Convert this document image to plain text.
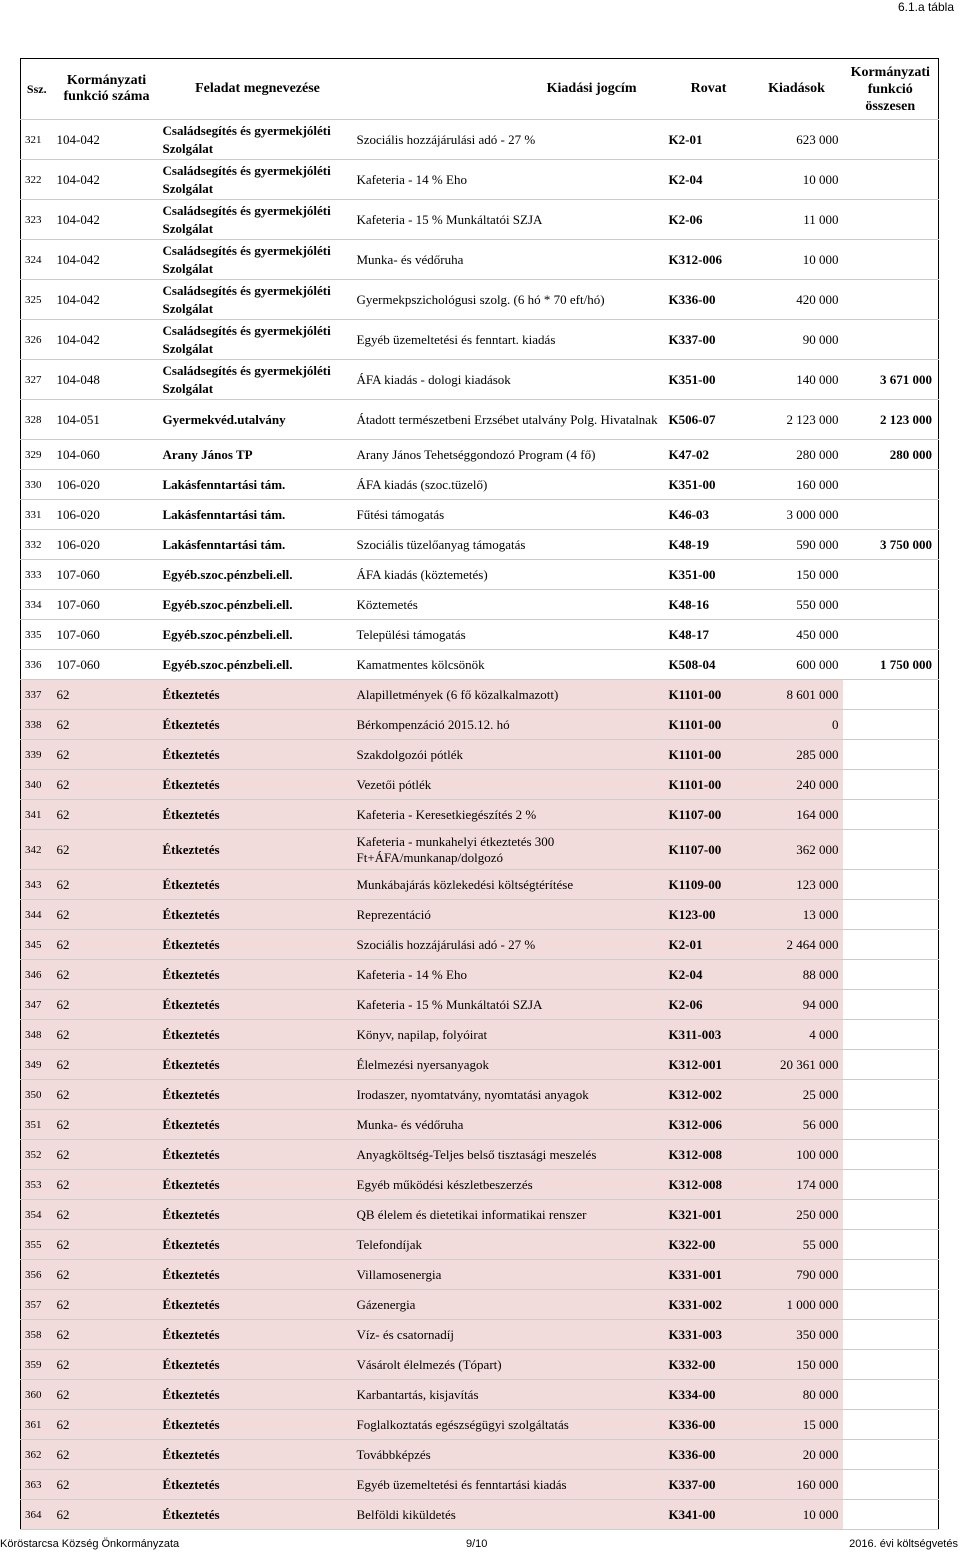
6.1.a tábla
Ssz.	Kormányzati funkció száma	Feladat megnevezése	Kiadási jogcím	Rovat	Kiadások	Kormányzati funkció összesen
321	104-042	Családsegítés és gyermekjóléti Szolgálat	Szociális hozzájárulási adó - 27 %	K2-01	623 000	
322	104-042	Családsegítés és gyermekjóléti Szolgálat	Kafeteria - 14 % Eho	K2-04	10 000	
323	104-042	Családsegítés és gyermekjóléti Szolgálat	Kafeteria - 15 % Munkáltatói SZJA	K2-06	11 000	
324	104-042	Családsegítés és gyermekjóléti Szolgálat	Munka- és védőruha	K312-006	10 000	
325	104-042	Családsegítés és gyermekjóléti Szolgálat	Gyermekpszichológusi szolg. (6 hó * 70 eft/hó)	K336-00	420 000	
326	104-042	Családsegítés és gyermekjóléti Szolgálat	Egyéb üzemeltetési és fenntart. kiadás	K337-00	90 000	
327	104-048	Családsegítés és gyermekjóléti Szolgálat	ÁFA kiadás - dologi kiadások	K351-00	140 000	3 671 000
328	104-051	Gyermekvéd.utalvány	Átadott természetbeni Erzsébet utalvány Polg. Hivatalnak	K506-07	2 123 000	2 123 000
329	104-060	Arany János TP	Arany János Tehetséggondozó Program (4 fő)	K47-02	280 000	280 000
330	106-020	Lakásfenntartási tám.	ÁFA kiadás (szoc.tüzelő)	K351-00	160 000	
331	106-020	Lakásfenntartási tám.	Fűtési támogatás	K46-03	3 000 000	
332	106-020	Lakásfenntartási tám.	Szociális tüzelőanyag támogatás	K48-19	590 000	3 750 000
333	107-060	Egyéb.szoc.pénzbeli.ell.	ÁFA kiadás (köztemetés)	K351-00	150 000	
334	107-060	Egyéb.szoc.pénzbeli.ell.	Köztemetés	K48-16	550 000	
335	107-060	Egyéb.szoc.pénzbeli.ell.	Települési támogatás	K48-17	450 000	
336	107-060	Egyéb.szoc.pénzbeli.ell.	Kamatmentes kölcsönök	K508-04	600 000	1 750 000
337	62	Étkeztetés	Alapilletmények (6 fő közalkalmazott)	K1101-00	8 601 000	
338	62	Étkeztetés	Bérkompenzáció 2015.12. hó	K1101-00	0	
339	62	Étkeztetés	Szakdolgozói pótlék	K1101-00	285 000	
340	62	Étkeztetés	Vezetői pótlék	K1101-00	240 000	
341	62	Étkeztetés	Kafeteria - Keresetkiegészítés 2 %	K1107-00	164 000	
342	62	Étkeztetés	Kafeteria - munkahelyi étkeztetés 300 Ft+ÁFA/munkanap/dolgozó	K1107-00	362 000	
343	62	Étkeztetés	Munkábajárás közlekedési költségtérítése	K1109-00	123 000	
344	62	Étkeztetés	Reprezentáció	K123-00	13 000	
345	62	Étkeztetés	Szociális hozzájárulási adó - 27 %	K2-01	2 464 000	
346	62	Étkeztetés	Kafeteria - 14 % Eho	K2-04	88 000	
347	62	Étkeztetés	Kafeteria - 15 % Munkáltatói SZJA	K2-06	94 000	
348	62	Étkeztetés	Könyv, napilap, folyóirat	K311-003	4 000	
349	62	Étkeztetés	Élelmezési nyersanyagok	K312-001	20 361 000	
350	62	Étkeztetés	Irodaszer, nyomtatvány, nyomtatási anyagok	K312-002	25 000	
351	62	Étkeztetés	Munka- és védőruha	K312-006	56 000	
352	62	Étkeztetés	Anyagköltség-Teljes belső tisztasági meszelés	K312-008	100 000	
353	62	Étkeztetés	Egyéb működési készletbeszerzés	K312-008	174 000	
354	62	Étkeztetés	QB élelem és dietetikai informatikai renszer	K321-001	250 000	
355	62	Étkeztetés	Telefondíjak	K322-00	55 000	
356	62	Étkeztetés	Villamosenergia	K331-001	790 000	
357	62	Étkeztetés	Gázenergia	K331-002	1 000 000	
358	62	Étkeztetés	Víz- és csatornadíj	K331-003	350 000	
359	62	Étkeztetés	Vásárolt élelmezés (Tópart)	K332-00	150 000	
360	62	Étkeztetés	Karbantartás, kisjavítás	K334-00	80 000	
361	62	Étkeztetés	Foglalkoztatás egészségügyi szolgáltatás	K336-00	15 000	
362	62	Étkeztetés	Továbbképzés	K336-00	20 000	
363	62	Étkeztetés	Egyéb üzemeltetési és fenntartási kiadás	K337-00	160 000	
364	62	Étkeztetés	Belföldi kiküldetés	K341-00	10 000	
Köröstarcsa Község Önkormányzata	9/10	2016. évi költségvetés
